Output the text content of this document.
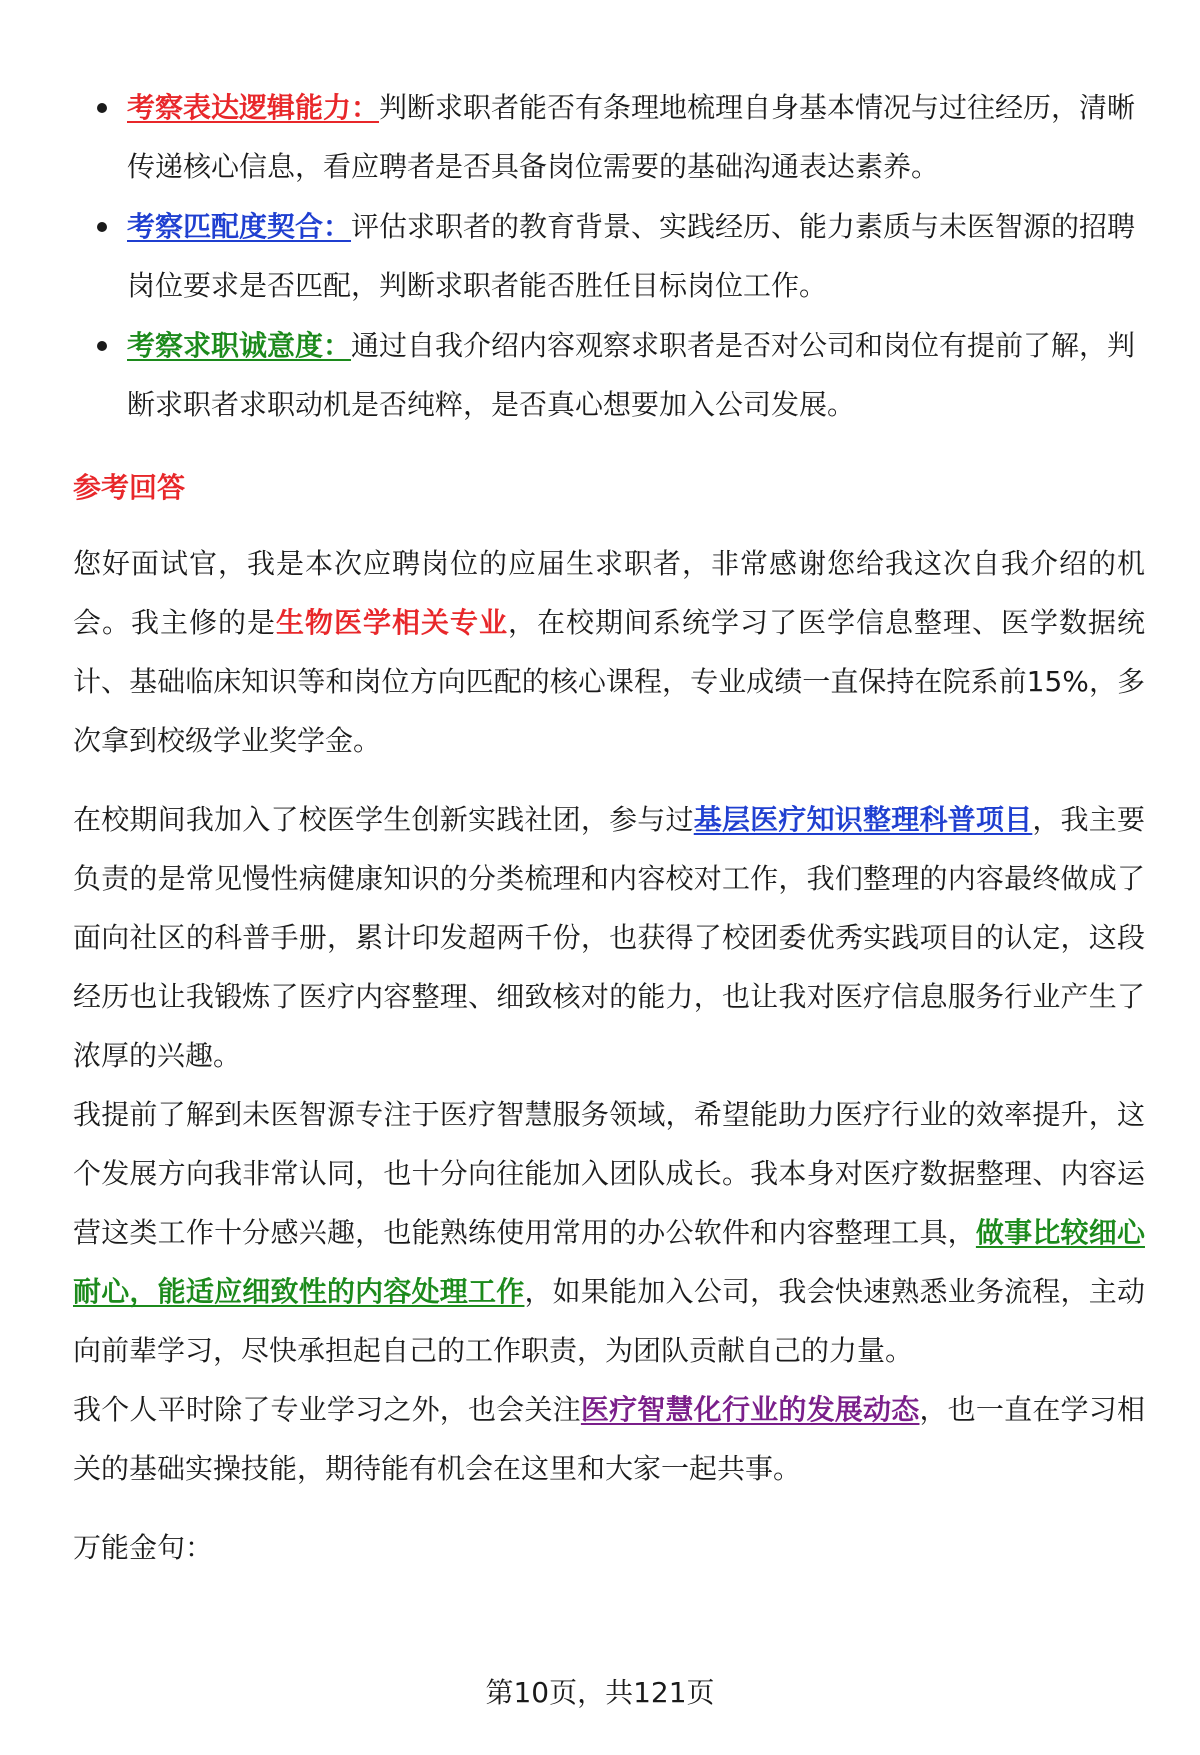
考察表达逻辑能力：判断求职者能否有条理地梳理自身基本情况与过往经历，清晰传递核心信息，看应聘者是否具备岗位需要的基础沟通表达素养。
考察匹配度契合：评估求职者的教育背景、实践经历、能力素质与未医智源的招聘岗位要求是否匹配，判断求职者能否胜任目标岗位工作。
考察求职诚意度：通过自我介绍内容观察求职者是否对公司和岗位有提前了解，判断求职者求职动机是否纯粹，是否真心想要加入公司发展。
参考回答

您好面试官，我是本次应聘岗位的应届生求职者，非常感谢您给我这次自我介绍的机会。我主修的是生物医学相关专业，在校期间系统学习了医学信息整理、医学数据统计、基础临床知识等和岗位方向匹配的核心课程，专业成绩一直保持在院系前15%，多次拿到校级学业奖学金。

在校期间我加入了校医学生创新实践社团，参与过基层医疗知识整理科普项目，我主要负责的是常见慢性病健康知识的分类梳理和内容校对工作，我们整理的内容最终做成了面向社区的科普手册，累计印发超两千份，也获得了校团委优秀实践项目的认定，这段经历也让我锻炼了医疗内容整理、细致核对的能力，也让我对医疗信息服务行业产生了浓厚的兴趣。

我提前了解到未医智源专注于医疗智慧服务领域，希望能助力医疗行业的效率提升，这个发展方向我非常认同，也十分向往能加入团队成长。我本身对医疗数据整理、内容运营这类工作十分感兴趣，也能熟练使用常用的办公软件和内容整理工具，做事比较细心耐心，能适应细致性的内容处理工作，如果能加入公司，我会快速熟悉业务流程，主动向前辈学习，尽快承担起自己的工作职责，为团队贡献自己的力量。

我个人平时除了专业学习之外，也会关注医疗智慧化行业的发展动态，也一直在学习相关的基础实操技能，期待能有机会在这里和大家一起共事。

万能金句：

第10页，共121页
